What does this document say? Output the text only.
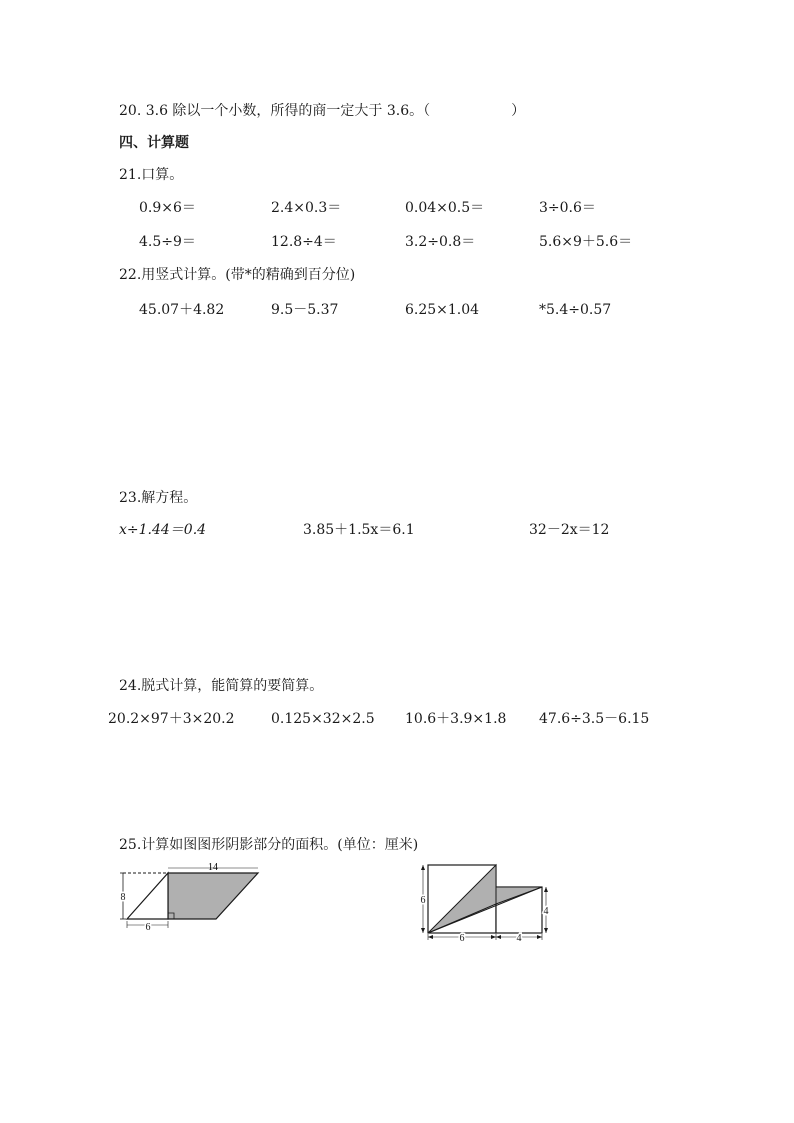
20. 3.6 除以一个小数，所得的商一定大于 3.6。（	）
四、计算题
21.口算。
0.9×6＝	2.4×0.3＝	0.04×0.5＝	3÷0.6＝
4.5÷9＝	12.8÷4＝	3.2÷0.8＝	5.6×9＋5.6＝
22.用竖式计算。(带*的精确到百分位)
45.07＋4.82	9.5－5.37	6.25×1.04	*5.4÷0.57
23.解方程。
x÷1.44＝0.4	3.85＋1.5x＝6.1	32－2x＝12
24.脱式计算，能简算的要简算。
20.2×97＋3×20.2	0.125×32×2.5 10.6＋3.9×1.8 47.6÷3.5－6.15
25.计算如图图形阴影部分的面积。(单位：厘米)
14
8
6
6
4
6	4
